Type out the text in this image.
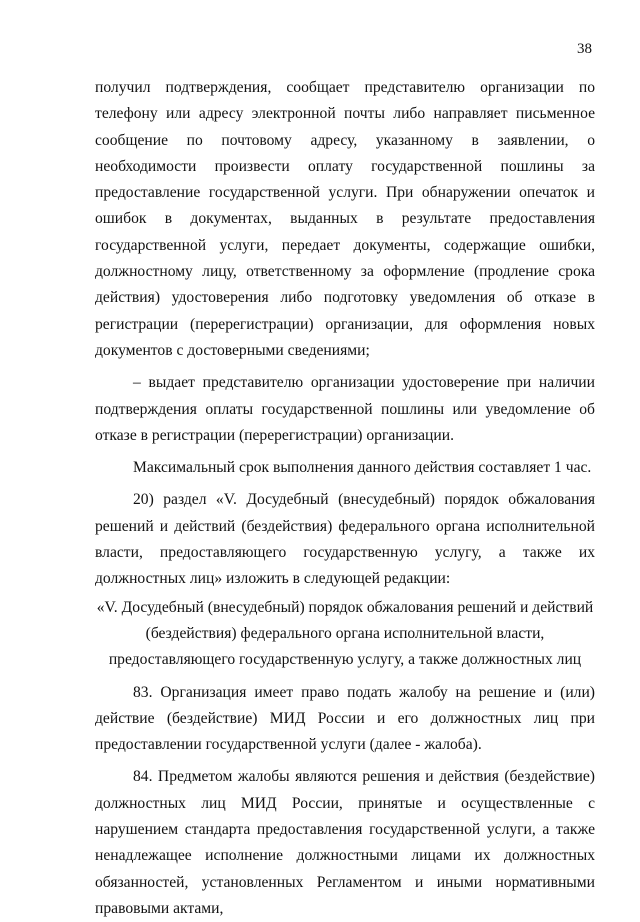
38

получил подтверждения, сообщает представителю организации по телефону или адресу электронной почты либо направляет письменное сообщение по почтовому адресу, указанному в заявлении, о необходимости произвести оплату государственной пошлины за предоставление государственной услуги. При обнаружении опечаток и ошибок в документах, выданных в результате предоставления государственной услуги, передает документы, содержащие ошибки, должностному лицу, ответственному за оформление (продление срока действия) удостоверения либо подготовку уведомления об отказе в регистрации (перерегистрации) организации, для оформления новых документов с достоверными сведениями;

– выдает представителю организации удостоверение при наличии подтверждения оплаты государственной пошлины или уведомление об отказе в регистрации (перерегистрации) организации.

Максимальный срок выполнения данного действия составляет 1 час.

20) раздел «V. Досудебный (внесудебный) порядок обжалования решений и действий (бездействия) федерального органа исполнительной власти, предоставляющего государственную услугу, а также их должностных лиц» изложить в следующей редакции:

«V. Досудебный (внесудебный) порядок обжалования решений и действий
(бездействия) федерального органа исполнительной власти,
предоставляющего государственную услугу, а также должностных лиц

83. Организация имеет право подать жалобу на решение и (или) действие (бездействие) МИД России и его должностных лиц при предоставлении государственной услуги (далее - жалоба).

84. Предметом жалобы являются решения и действия (бездействие) должностных лиц МИД России, принятые и осуществленные с нарушением стандарта предоставления государственной услуги, а также ненадлежащее исполнение должностными лицами их должностных обязанностей, установленных Регламентом и иными нормативными правовыми актами,
